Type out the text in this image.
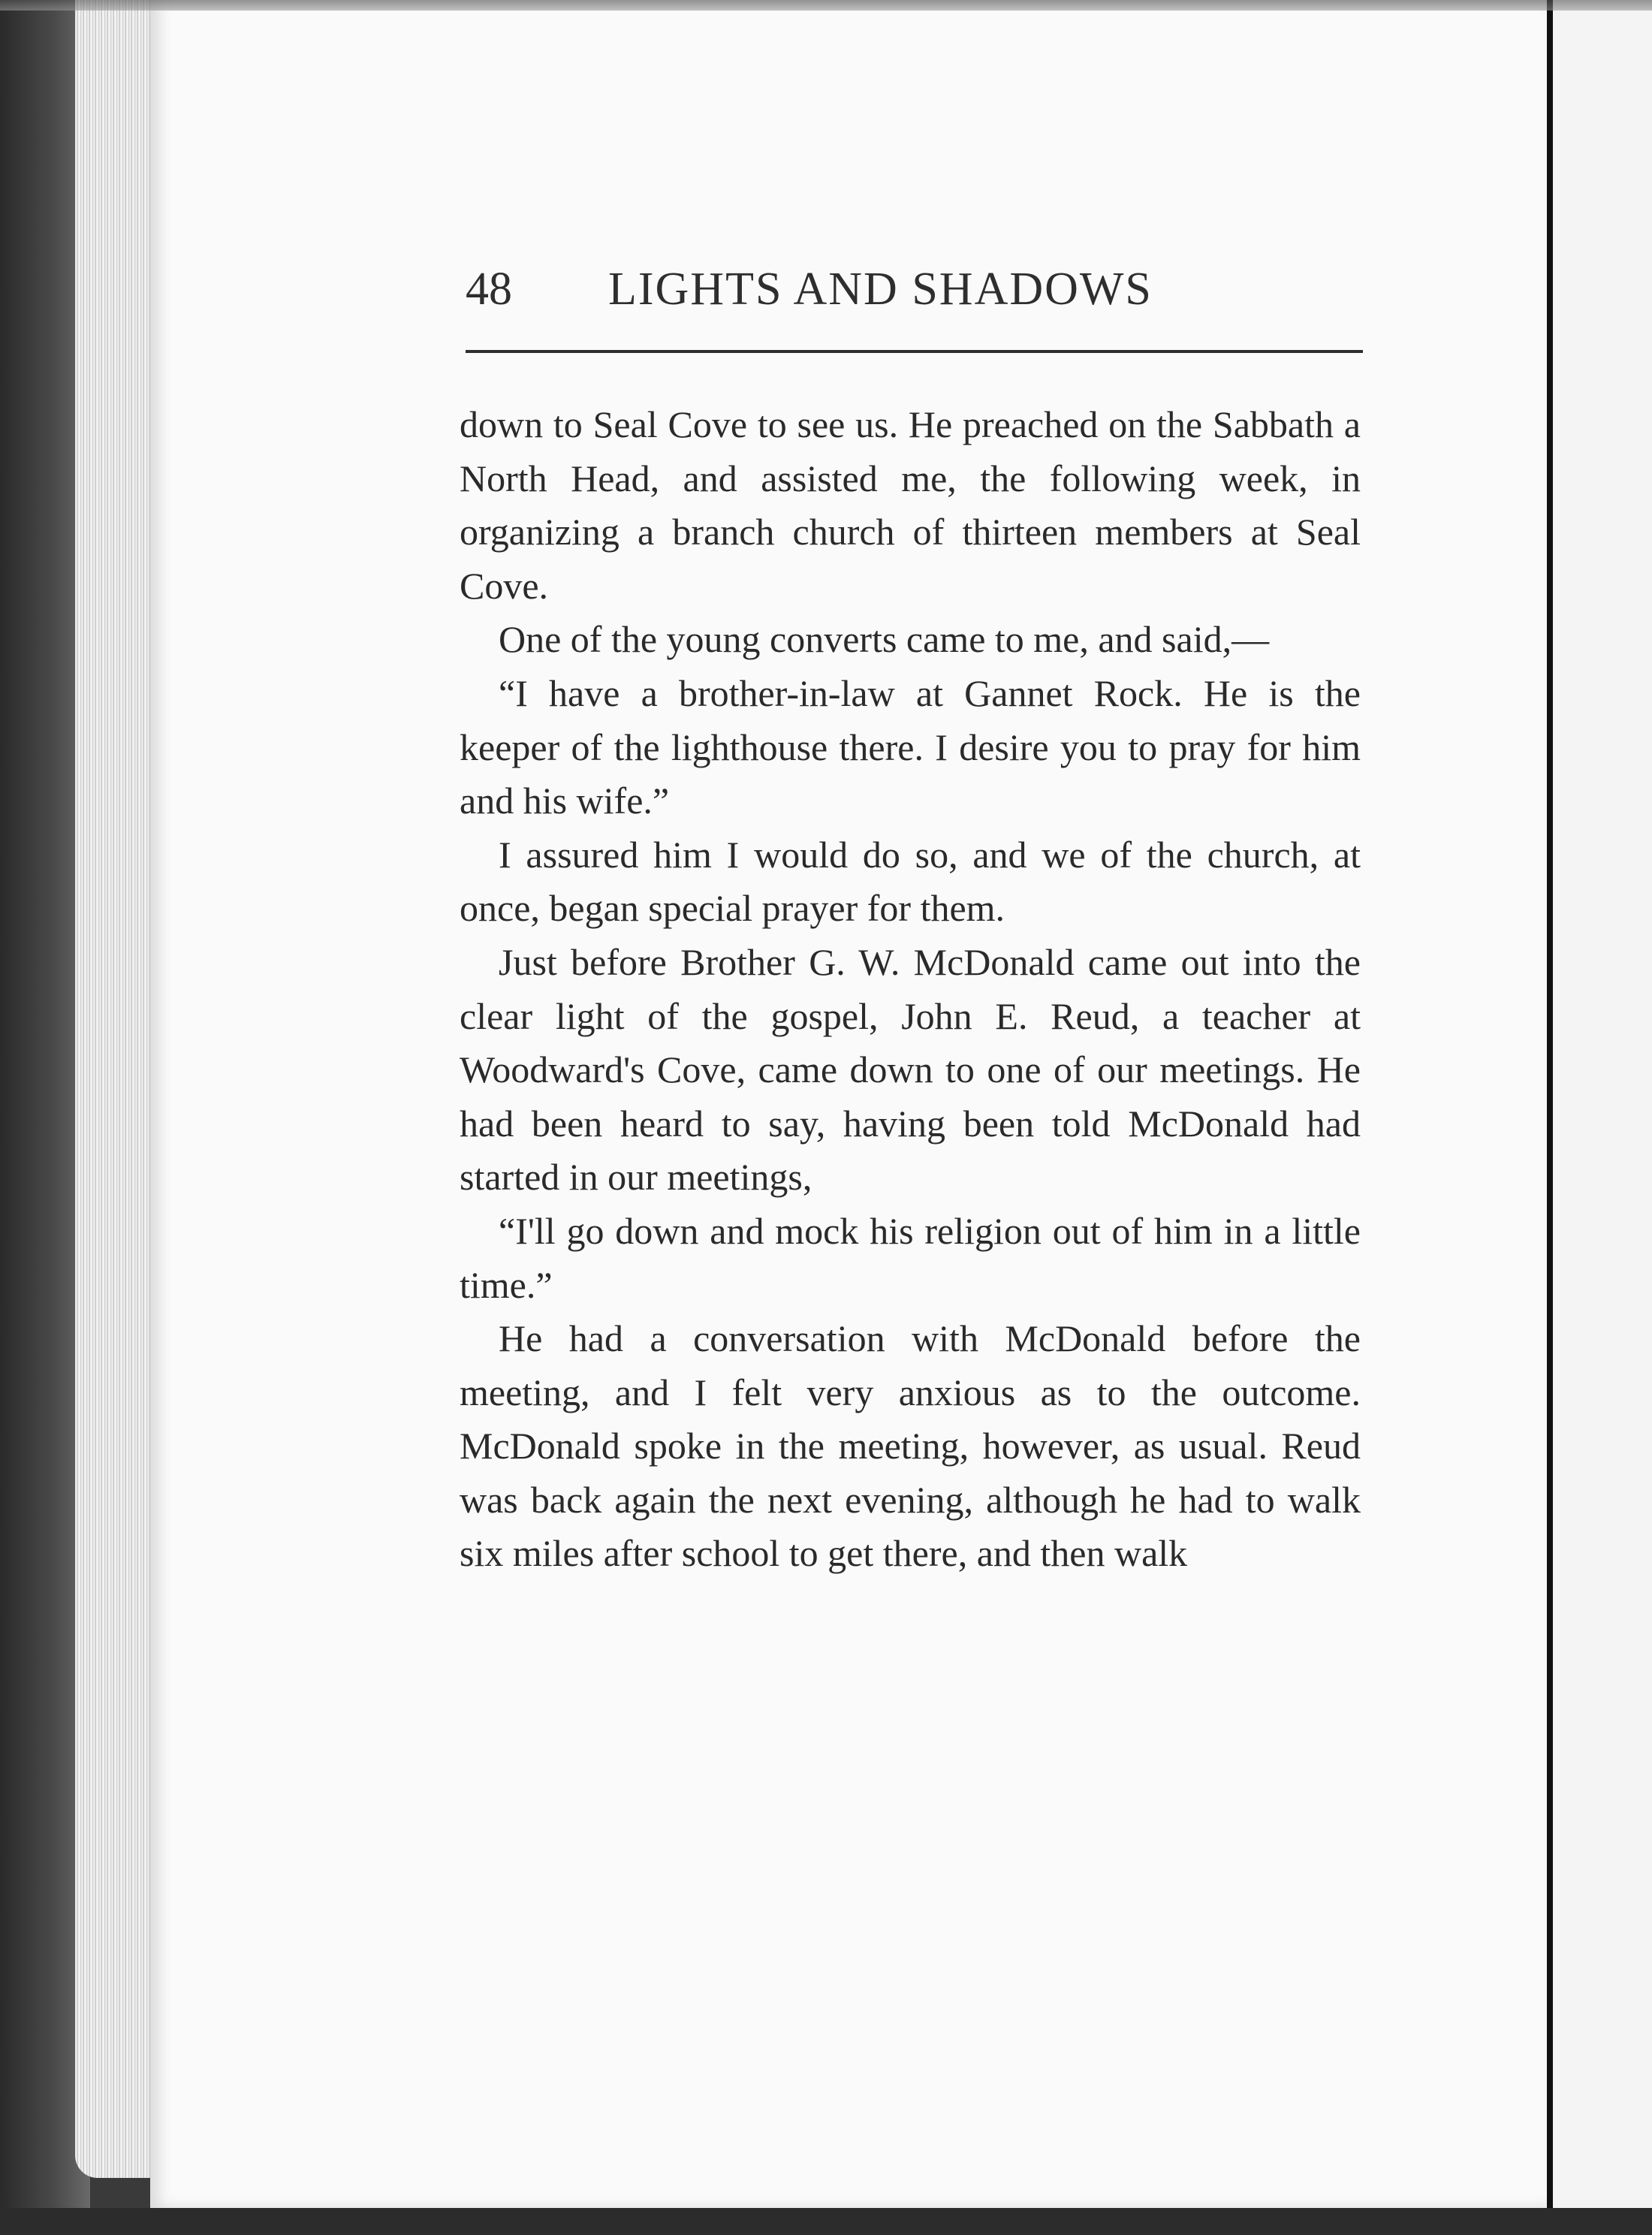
48 LIGHTS AND SHADOWS

down to Seal Cove to see us. He preached on the Sabbath a North Head, and assisted me, the following week, in organizing a branch church of thirteen members at Seal Cove.

One of the young converts came to me, and said,—

“I have a brother-in-law at Gannet Rock. He is the keeper of the lighthouse there. I desire you to pray for him and his wife.”

I assured him I would do so, and we of the church, at once, began special prayer for them.

Just before Brother G. W. McDonald came out into the clear light of the gospel, John E. Reud, a teacher at Woodward's Cove, came down to one of our meetings. He had been heard to say, having been told McDonald had started in our meetings,

“I'll go down and mock his religion out of him in a little time.”

He had a conversation with McDonald before the meeting, and I felt very anxious as to the outcome. McDonald spoke in the meeting, however, as usual. Reud was back again the next evening, although he had to walk six miles after school to get there, and then walk
